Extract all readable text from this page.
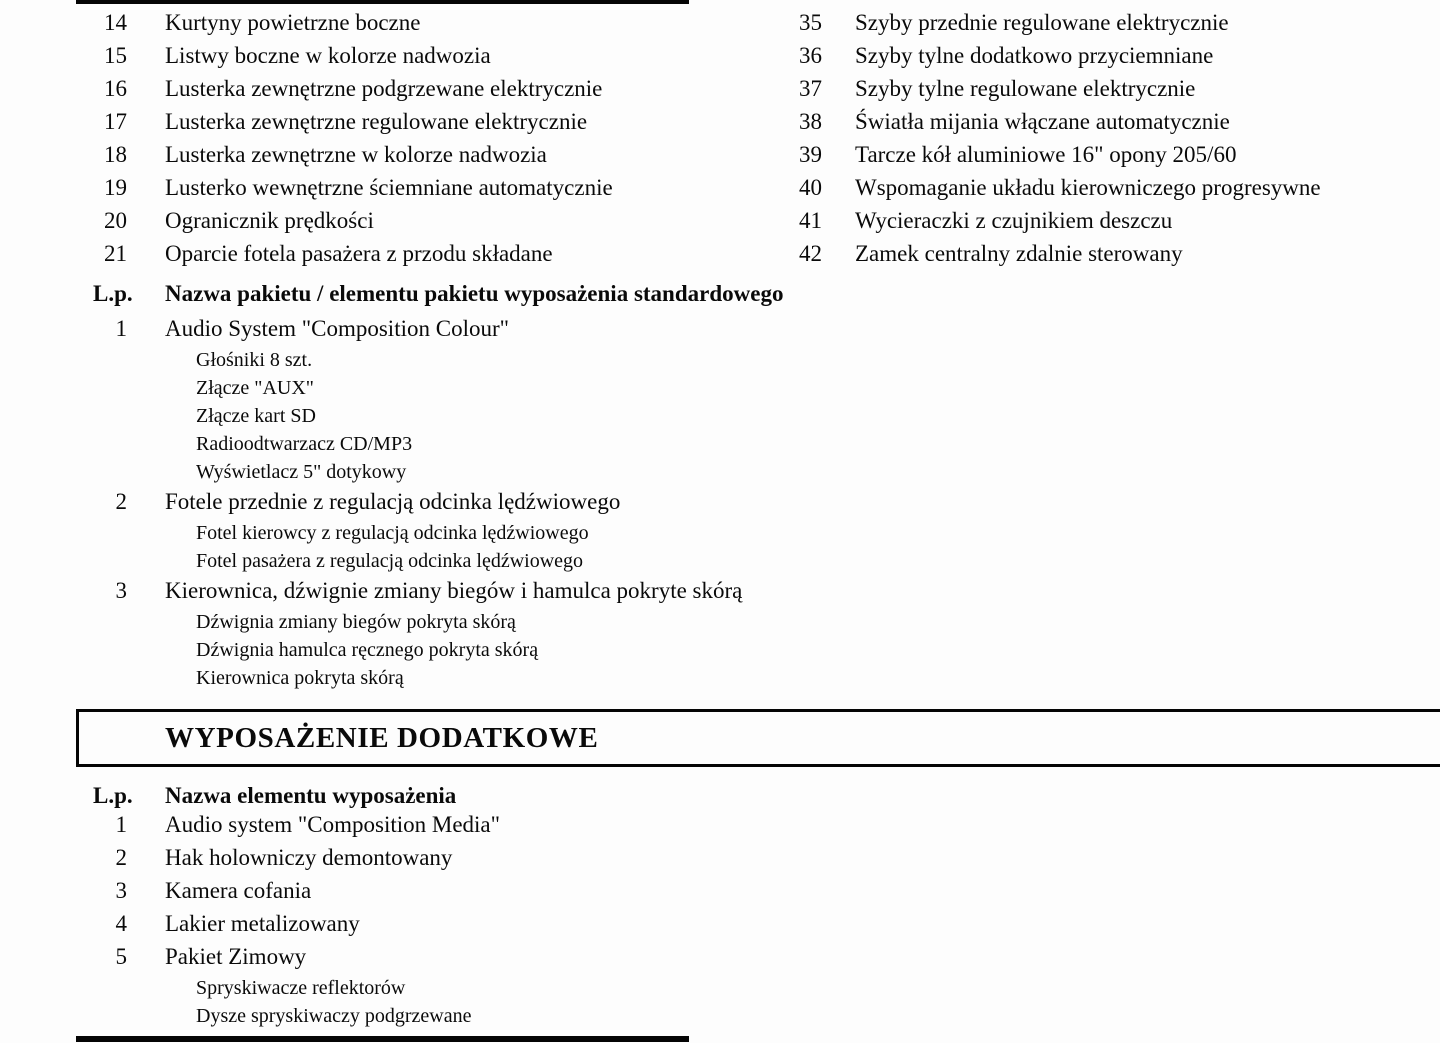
14 Kurtyny powietrzne boczne	35 Szyby przednie regulowane elektrycznie
15 Listwy boczne w kolorze nadwozia	36 Szyby tylne dodatkowo przyciemniane
16 Lusterka zewnętrzne podgrzewane elektrycznie	37 Szyby tylne regulowane elektrycznie
17 Lusterka zewnętrzne regulowane elektrycznie	38 Światła mijania włączane automatycznie
18 Lusterka zewnętrzne w kolorze nadwozia	39 Tarcze kół aluminiowe 16" opony 205/60
19 Lusterko wewnętrzne ściemniane automatycznie	40 Wspomaganie układu kierowniczego progresywne
20 Ogranicznik prędkości	41 Wycieraczki z czujnikiem deszczu
21 Oparcie fotela pasażera z przodu składane	42 Zamek centralny zdalnie sterowany
L.p. Nazwa pakietu / elementu pakietu wyposażenia standardowego
1 Audio System "Composition Colour"
Głośniki 8 szt.
Złącze "AUX"
Złącze kart SD
Radioodtwarzacz CD/MP3
Wyświetlacz 5" dotykowy
2 Fotele przednie z regulacją odcinka lędźwiowego
Fotel kierowcy z regulacją odcinka lędźwiowego
Fotel pasażera z regulacją odcinka lędźwiowego
3 Kierownica, dźwignie zmiany biegów i hamulca pokryte skórą
Dźwignia zmiany biegów pokryta skórą
Dźwignia hamulca ręcznego pokryta skórą
Kierownica pokryta skórą
WYPOSAŻENIE DODATKOWE
L.p. Nazwa elementu wyposażenia
1 Audio system "Composition Media"
2 Hak holowniczy demontowany
3 Kamera cofania
4 Lakier metalizowany
5 Pakiet Zimowy
Spryskiwacze reflektorów
Dysze spryskiwaczy podgrzewane
